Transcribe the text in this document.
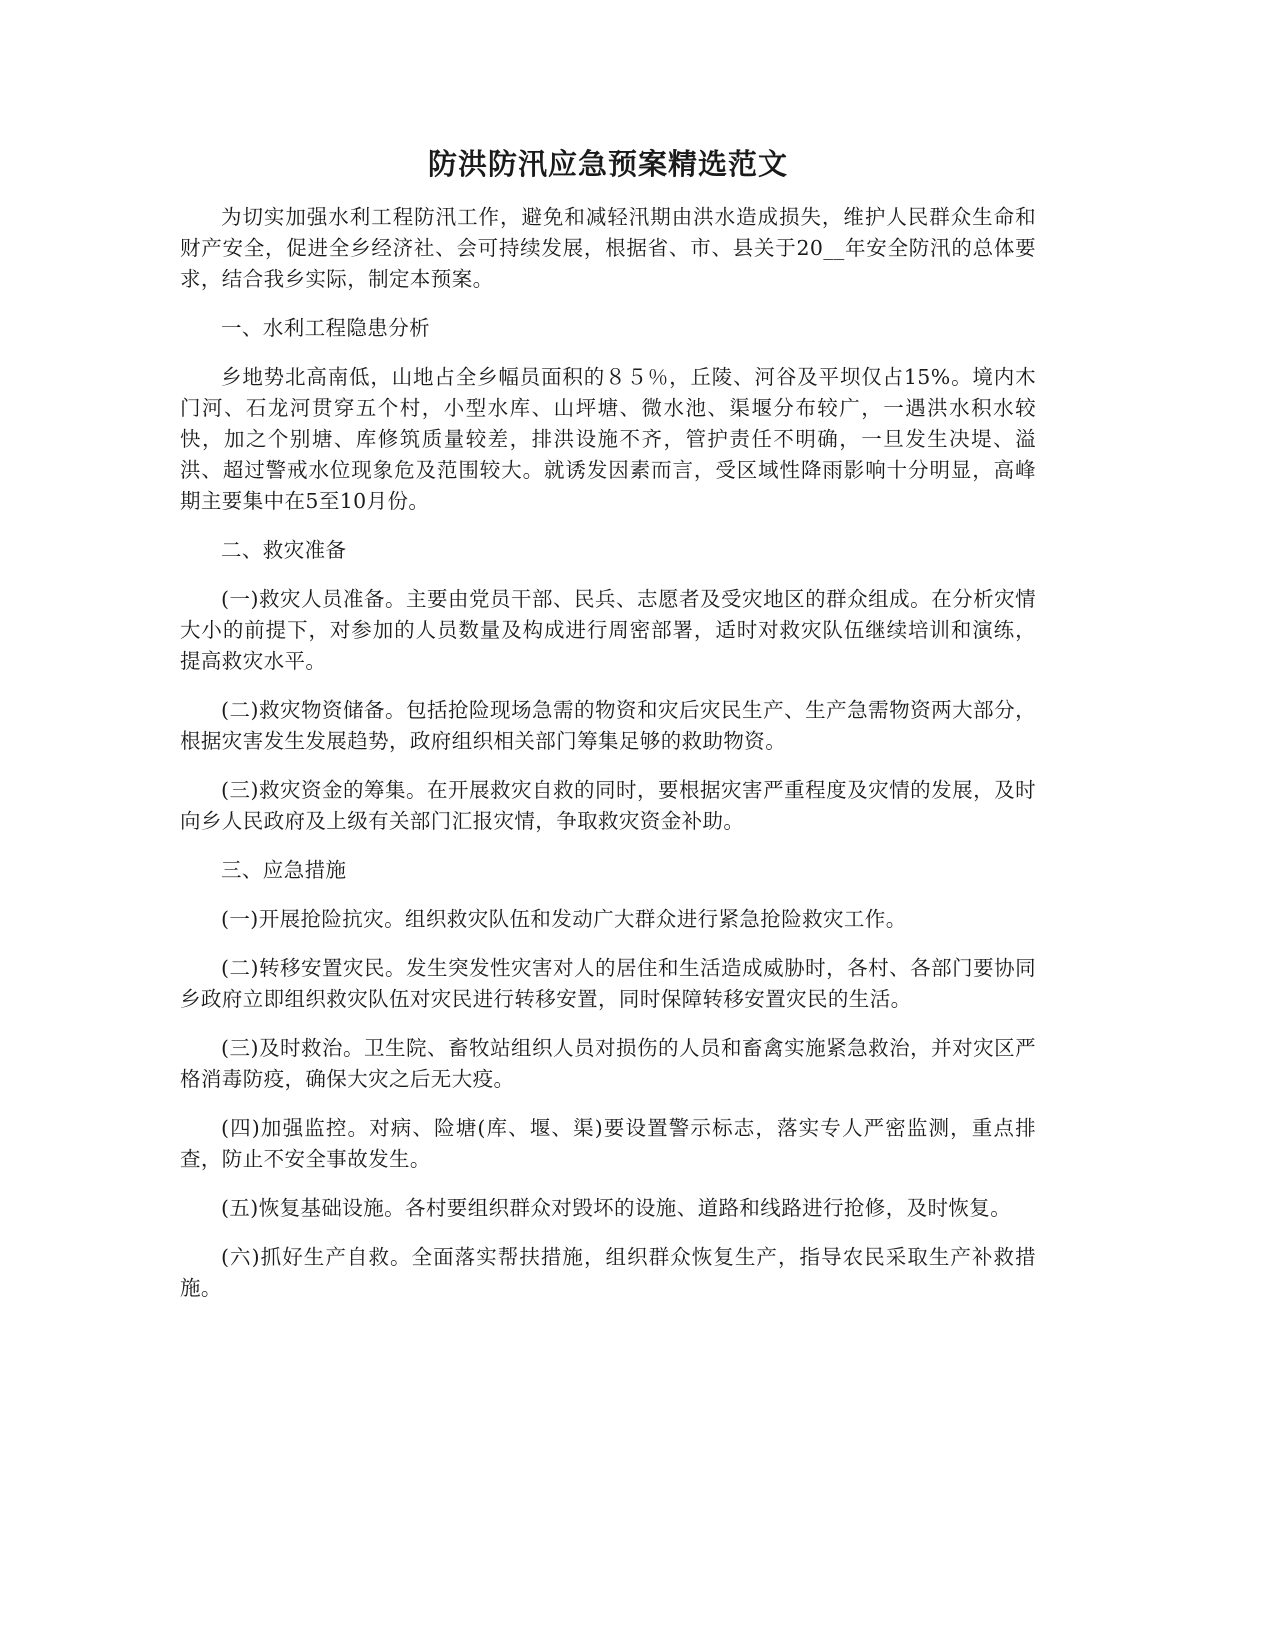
防洪防汛应急预案精选范文

为切实加强水利工程防汛工作，避免和减轻汛期由洪水造成损失，维护人民群众生命和财产安全，促进全乡经济社、会可持续发展，根据省、市、县关于20__年安全防汛的总体要求，结合我乡实际，制定本预案。

一、水利工程隐患分析

乡地势北高南低，山地占全乡幅员面积的８５％，丘陵、河谷及平坝仅占15%。境内木门河、石龙河贯穿五个村，小型水库、山坪塘、微水池、渠堰分布较广，一遇洪水积水较快，加之个别塘、库修筑质量较差，排洪设施不齐，管护责任不明确，一旦发生决堤、溢洪、超过警戒水位现象危及范围较大。就诱发因素而言，受区域性降雨影响十分明显，高峰期主要集中在5至10月份。

二、救灾准备

(一)救灾人员准备。主要由党员干部、民兵、志愿者及受灾地区的群众组成。在分析灾情大小的前提下，对参加的人员数量及构成进行周密部署，适时对救灾队伍继续培训和演练，提高救灾水平。

(二)救灾物资储备。包括抢险现场急需的物资和灾后灾民生产、生产急需物资两大部分，根据灾害发生发展趋势，政府组织相关部门筹集足够的救助物资。

(三)救灾资金的筹集。在开展救灾自救的同时，要根据灾害严重程度及灾情的发展，及时向乡人民政府及上级有关部门汇报灾情，争取救灾资金补助。

三、应急措施

(一)开展抢险抗灾。组织救灾队伍和发动广大群众进行紧急抢险救灾工作。

(二)转移安置灾民。发生突发性灾害对人的居住和生活造成威胁时，各村、各部门要协同乡政府立即组织救灾队伍对灾民进行转移安置，同时保障转移安置灾民的生活。

(三)及时救治。卫生院、畜牧站组织人员对损伤的人员和畜禽实施紧急救治，并对灾区严格消毒防疫，确保大灾之后无大疫。

(四)加强监控。对病、险塘(库、堰、渠)要设置警示标志，落实专人严密监测，重点排查，防止不安全事故发生。

(五)恢复基础设施。各村要组织群众对毁坏的设施、道路和线路进行抢修，及时恢复。

(六)抓好生产自救。全面落实帮扶措施，组织群众恢复生产，指导农民采取生产补救措施。
